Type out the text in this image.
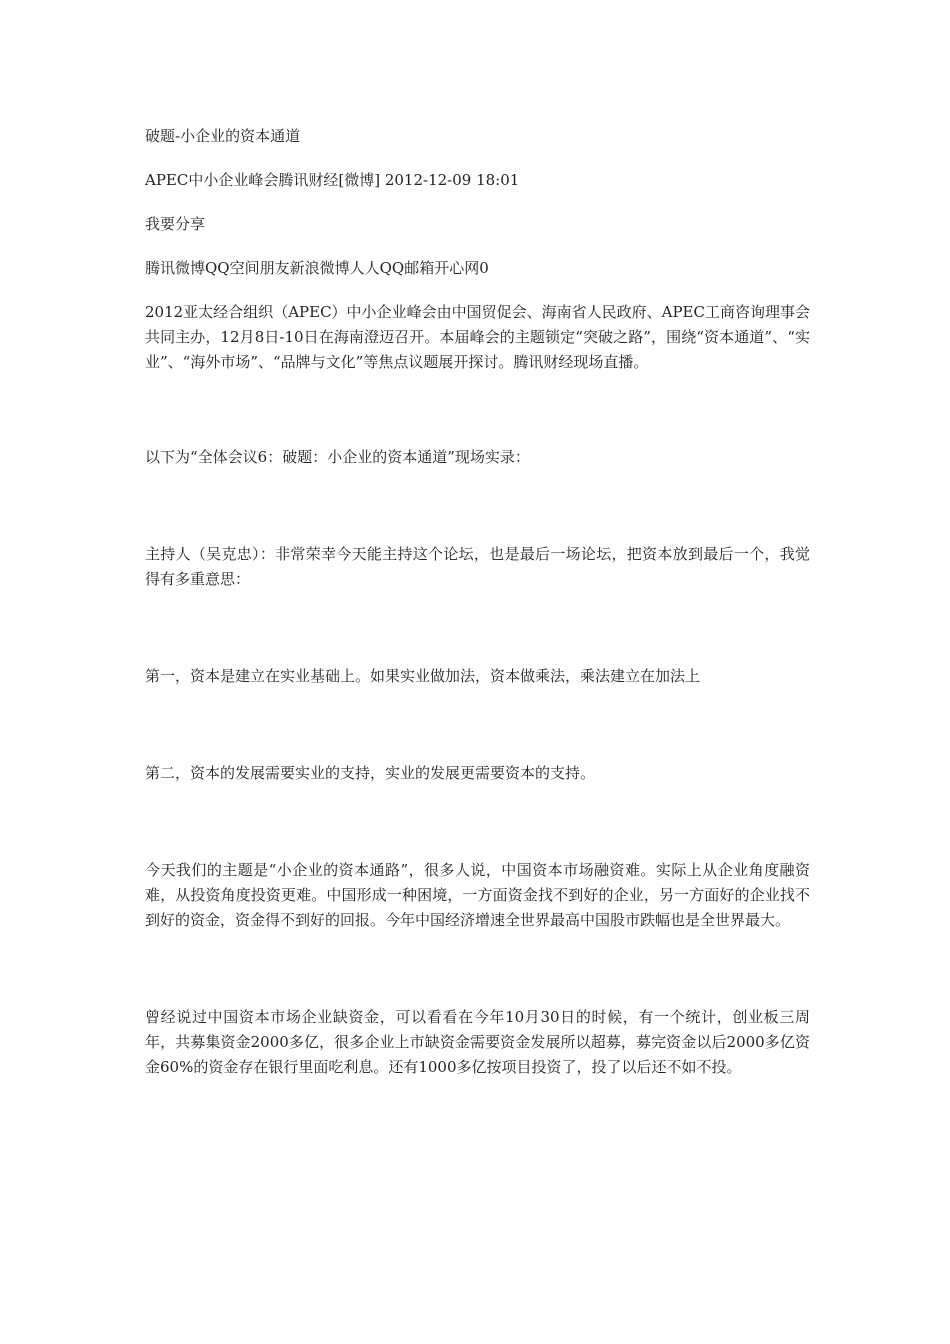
破题-小企业的资本通道

APEC中小企业峰会腾讯财经[微博] 2012-12-09 18:01

我要分享

腾讯微博QQ空间朋友新浪微博人人QQ邮箱开心网0

2012亚太经合组织（APEC）中小企业峰会由中国贸促会、海南省人民政府、APEC工商咨询理事会共同主办，12月8日-10日在海南澄迈召开。本届峰会的主题锁定“突破之路”，围绕“资本通道”、“实业”、“海外市场”、“品牌与文化”等焦点议题展开探讨。腾讯财经现场直播。

以下为“全体会议6：破题：小企业的资本通道”现场实录：

主持人（吴克忠）：非常荣幸今天能主持这个论坛，也是最后一场论坛，把资本放到最后一个，我觉得有多重意思：

第一，资本是建立在实业基础上。如果实业做加法，资本做乘法，乘法建立在加法上

第二，资本的发展需要实业的支持，实业的发展更需要资本的支持。

今天我们的主题是“小企业的资本通路”，很多人说，中国资本市场融资难。实际上从企业角度融资难，从投资角度投资更难。中国形成一种困境，一方面资金找不到好的企业，另一方面好的企业找不到好的资金，资金得不到好的回报。今年中国经济增速全世界最高中国股市跌幅也是全世界最大。

曾经说过中国资本市场企业缺资金，可以看看在今年10月30日的时候，有一个统计，创业板三周年，共募集资金2000多亿，很多企业上市缺资金需要资金发展所以超募，募完资金以后2000多亿资金60%的资金存在银行里面吃利息。还有1000多亿按项目投资了，投了以后还不如不投。
